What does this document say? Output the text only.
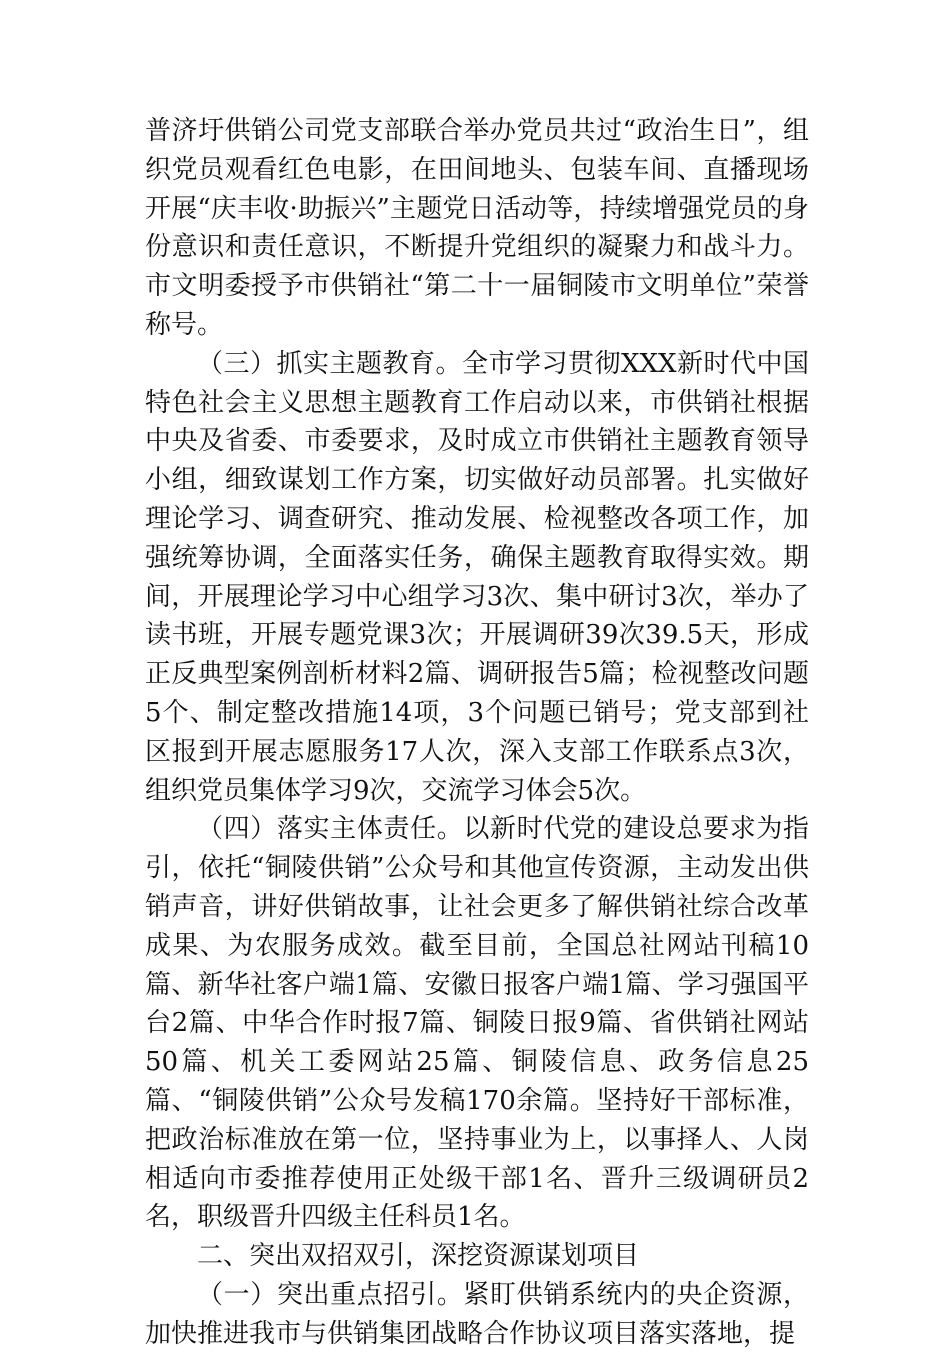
普济圩供销公司党支部联合举办党员共过“政治生日”，组织党员观看红色电影，在田间地头、包装车间、直播现场开展“庆丰收·助振兴”主题党日活动等，持续增强党员的身份意识和责任意识，不断提升党组织的凝聚力和战斗力。市文明委授予市供销社“第二十一届铜陵市文明单位”荣誉称号。

（三）抓实主题教育。全市学习贯彻XXX新时代中国特色社会主义思想主题教育工作启动以来，市供销社根据中央及省委、市委要求，及时成立市供销社主题教育领导小组，细致谋划工作方案，切实做好动员部署。扎实做好理论学习、调查研究、推动发展、检视整改各项工作，加强统筹协调，全面落实任务，确保主题教育取得实效。期间，开展理论学习中心组学习3次、集中研讨3次，举办了读书班，开展专题党课3次；开展调研39次39.5天，形成正反典型案例剖析材料2篇、调研报告5篇；检视整改问题5个、制定整改措施14项，3个问题已销号；党支部到社区报到开展志愿服务17人次，深入支部工作联系点3次，组织党员集体学习9次，交流学习体会5次。

（四）落实主体责任。以新时代党的建设总要求为指引，依托“铜陵供销”公众号和其他宣传资源，主动发出供销声音，讲好供销故事，让社会更多了解供销社综合改革成果、为农服务成效。截至目前，全国总社网站刊稿10篇、新华社客户端1篇、安徽日报客户端1篇、学习强国平台2篇、中华合作时报7篇、铜陵日报9篇、省供销社网站50篇、机关工委网站25篇、铜陵信息、政务信息25篇、“铜陵供销”公众号发稿170余篇。坚持好干部标准，把政治标准放在第一位，坚持事业为上，以事择人、人岗相适向市委推荐使用正处级干部1名、晋升三级调研员2名，职级晋升四级主任科员1名。

二、突出双招双引，深挖资源谋划项目

（一）突出重点招引。紧盯供销系统内的央企资源，加快推进我市与供销集团战略合作协议项目落实落地，提
